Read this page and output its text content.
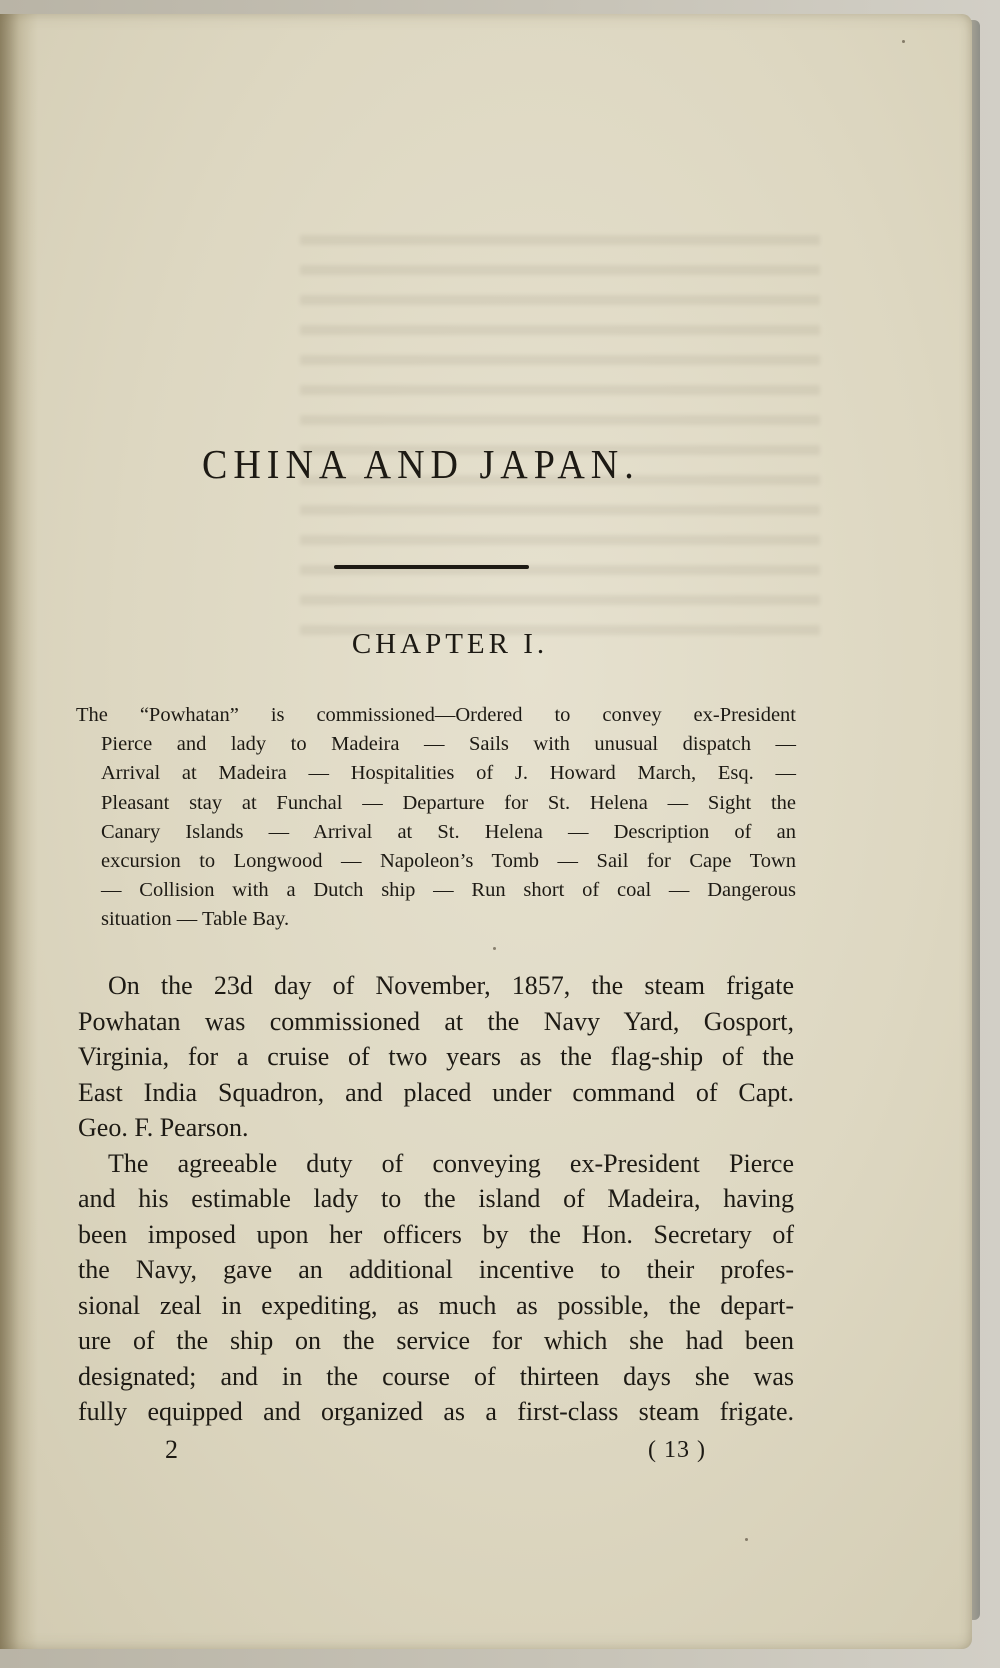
CHINA AND JAPAN.
CHAPTER I.
The “Powhatan” is commissioned—Ordered to convey ex-President
Pierce and lady to Madeira — Sails with unusual dispatch —
Arrival at Madeira — Hospitalities of J. Howard March, Esq. —
Pleasant stay at Funchal — Departure for St. Helena — Sight the
Canary Islands — Arrival at St. Helena — Description of an
excursion to Longwood — Napoleon’s Tomb — Sail for Cape Town
— Collision with a Dutch ship — Run short of coal — Dangerous
situation — Table Bay.
On the 23d day of November, 1857, the steam frigate
Powhatan was commissioned at the Navy Yard, Gosport,
Virginia, for a cruise of two years as the flag-ship of the
East India Squadron, and placed under command of Capt.
Geo. F. Pearson.
The agreeable duty of conveying ex-President Pierce
and his estimable lady to the island of Madeira, having
been imposed upon her officers by the Hon. Secretary of
the Navy, gave an additional incentive to their profes-
sional zeal in expediting, as much as possible, the depart-
ure of the ship on the service for which she had been
designated; and in the course of thirteen days she was
fully equipped and organized as a first-class steam frigate.

2	( 13 )
